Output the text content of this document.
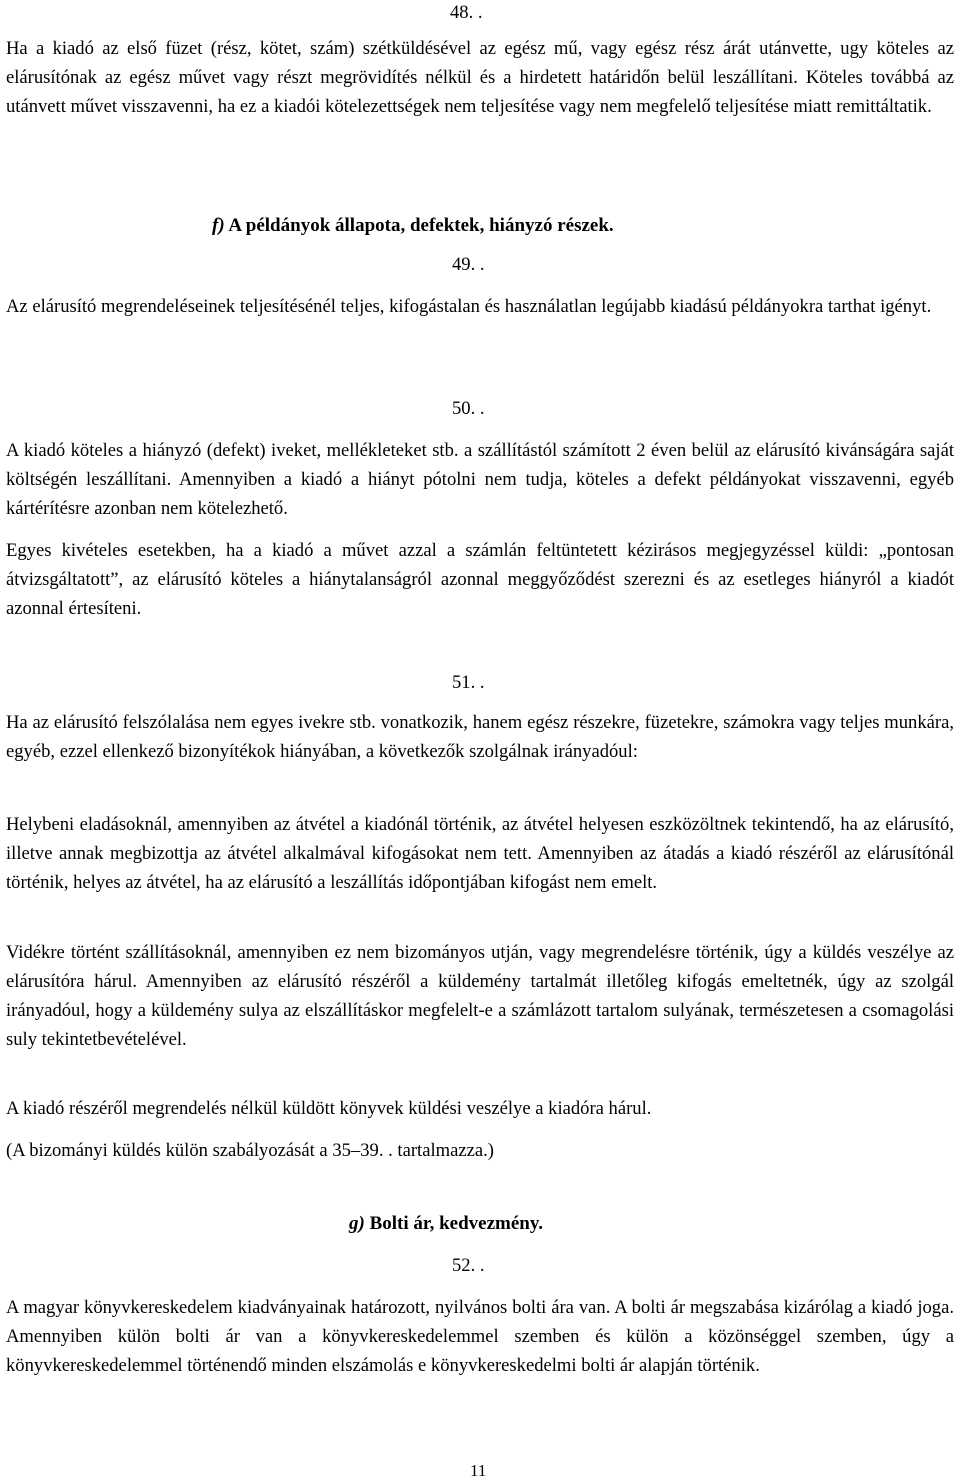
48. .

Ha a kiadó az első füzet (rész, kötet, szám) szétküldésével az egész mű, vagy egész rész árát utánvette, ugy köteles az elárusítónak az egész művet vagy részt megrövidítés nélkül és a hirdetett határidőn belül leszállítani. Köteles továbbá az utánvett művet visszavenni, ha ez a kiadói kötelezettségek nem teljesítése vagy nem megfelelő teljesítése miatt remittáltatik.

f) A példányok állapota, defektek, hiányzó részek.
49. .

Az elárusító megrendeléseinek teljesítésénél teljes, kifogástalan és használatlan legújabb kiadású példányokra tarthat igényt.

50. .

A kiadó köteles a hiányzó (defekt) iveket, mellékleteket stb. a szállítástól számított 2 éven belül az elárusító kivánságára saját költségén leszállítani. Amennyiben a kiadó a hiányt pótolni nem tudja, köteles a defekt példányokat visszavenni, egyéb kártérítésre azonban nem kötelezhető.

Egyes kivételes esetekben, ha a kiadó a művet azzal a számlán feltüntetett kézirásos megjegyzéssel küldi: „pontosan átvizsgáltatott”, az elárusító köteles a hiánytalanságról azonnal meggyőződést szerezni és az esetleges hiányról a kiadót azonnal értesíteni.

51. .

Ha az elárusító felszólalása nem egyes ivekre stb. vonatkozik, hanem egész részekre, füzetekre, számokra vagy teljes munkára, egyéb, ezzel ellenkező bizonyítékok hiányában, a következők szolgálnak irányadóul:

Helybeni eladásoknál, amennyiben az átvétel a kiadónál történik, az átvétel helyesen eszközöltnek tekintendő, ha az elárusító, illetve annak megbizottja az átvétel alkalmával kifogásokat nem tett. Amennyiben az átadás a kiadó részéről az elárusítónál történik, helyes az átvétel, ha az elárusító a leszállítás időpontjában kifogást nem emelt.

Vidékre történt szállításoknál, amennyiben ez nem bizományos utján, vagy megrendelésre történik, úgy a küldés veszélye az elárusítóra hárul. Amennyiben az elárusító részéről a küldemény tartalmát illetőleg kifogás emeltetnék, úgy az szolgál irányadóul, hogy a küldemény sulya az elszállításkor megfelelt-e a számlázott tartalom sulyának, természetesen a csomagolási suly tekintetbevételével.

A kiadó részéről megrendelés nélkül küldött könyvek küldési veszélye a kiadóra hárul.

(A bizományi küldés külön szabályozását a 35–39. . tartalmazza.)

g) Bolti ár, kedvezmény.
52. .

A magyar könyvkereskedelem kiadványainak határozott, nyilvános bolti ára van. A bolti ár megszabása kizárólag a kiadó joga. Amennyiben külön bolti ár van a könyvkereskedelemmel szemben és külön a közönséggel szemben, úgy a könyvkereskedelemmel történendő minden elszámolás e könyvkereskedelmi bolti ár alapján történik.

11
